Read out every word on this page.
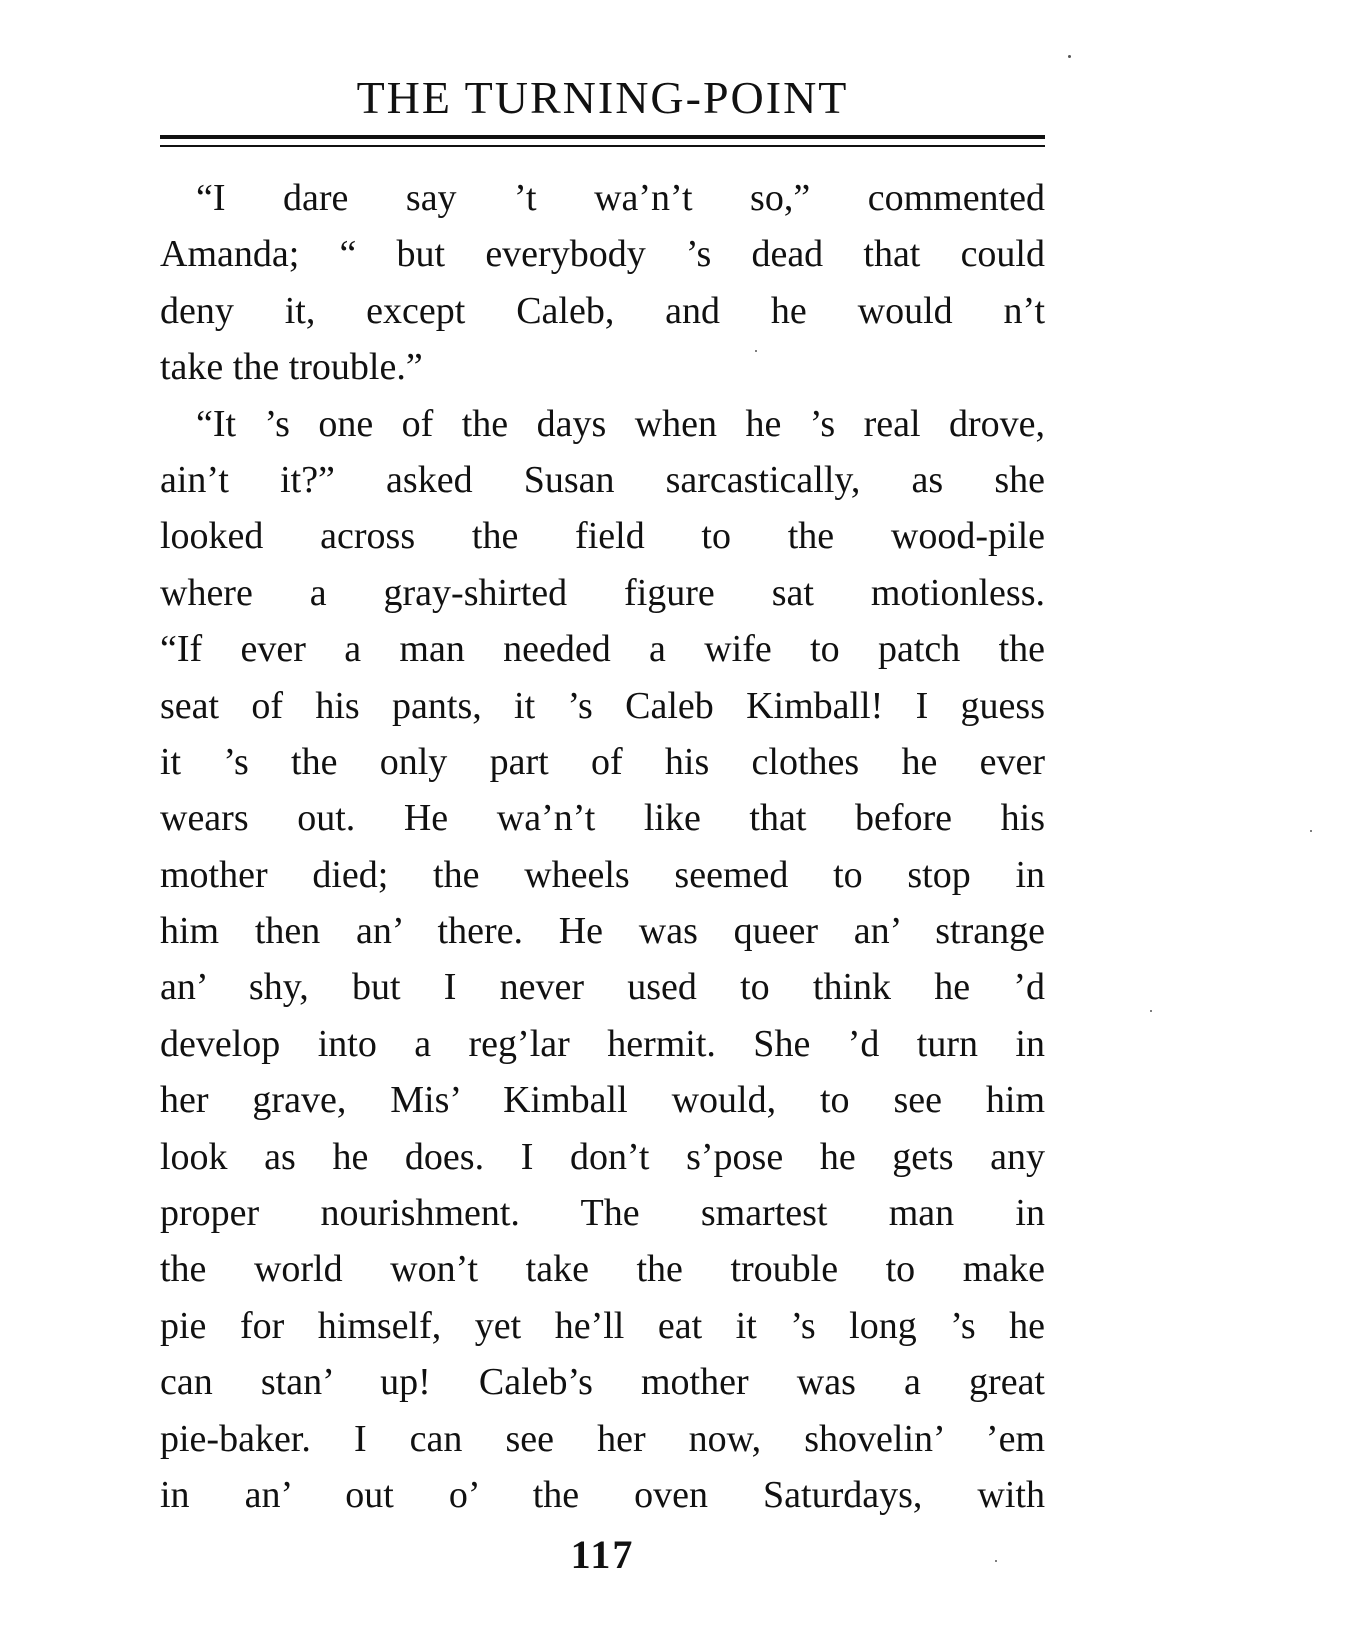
THE TURNING-POINT
“I dare say ’t wa’n’t so,” commented
Amanda; “ but everybody ’s dead that could
deny it, except Caleb, and he would n’t
take the trouble.”
“It ’s one of the days when he ’s real drove,
ain’t it?” asked Susan sarcastically, as she
looked across the field to the wood-pile
where a gray-shirted figure sat motionless.
“If ever a man needed a wife to patch the
seat of his pants, it ’s Caleb Kimball! I guess
it ’s the only part of his clothes he ever
wears out. He wa’n’t like that before his
mother died; the wheels seemed to stop in
him then an’ there. He was queer an’ strange
an’ shy, but I never used to think he ’d
develop into a reg’lar hermit. She ’d turn in
her grave, Mis’ Kimball would, to see him
look as he does. I don’t s’pose he gets any
proper nourishment. The smartest man in
the world won’t take the trouble to make
pie for himself, yet he’ll eat it ’s long ’s he
can stan’ up! Caleb’s mother was a great
pie-baker. I can see her now, shovelin’ ’em
in an’ out o’ the oven Saturdays, with
117
